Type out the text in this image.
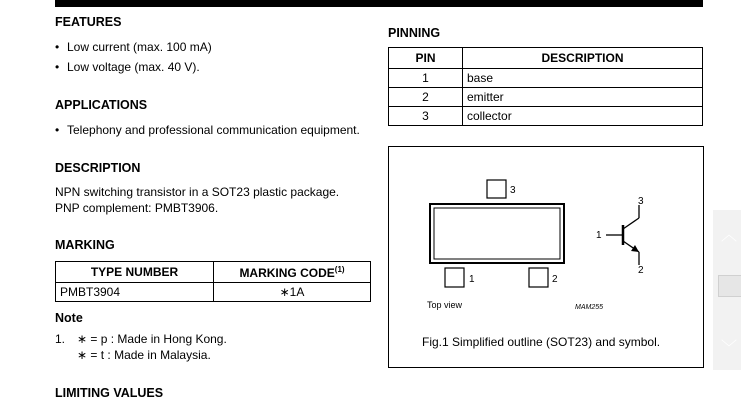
FEATURES
• Low current (max. 100 mA)
• Low voltage (max. 40 V).
APPLICATIONS
• Telephony and professional communication equipment.
DESCRIPTION
NPN switching transistor in a SOT23 plastic package.
PNP complement: PMBT3906.
MARKING
TYPE NUMBER	MARKING CODE$^{(1)}$
PMBT3904	∗1A
Note
1. ∗ = p : Made in Hong Kong.
∗ = t : Made in Malaysia.
LIMITING VALUES
PINNING
PIN	DESCRIPTION
1	base
2	emitter
3	collector
3
1	2
Top view	MAM255
1
3
2
Fig.1 Simplified outline (SOT23) and symbol.
︿
﹀
